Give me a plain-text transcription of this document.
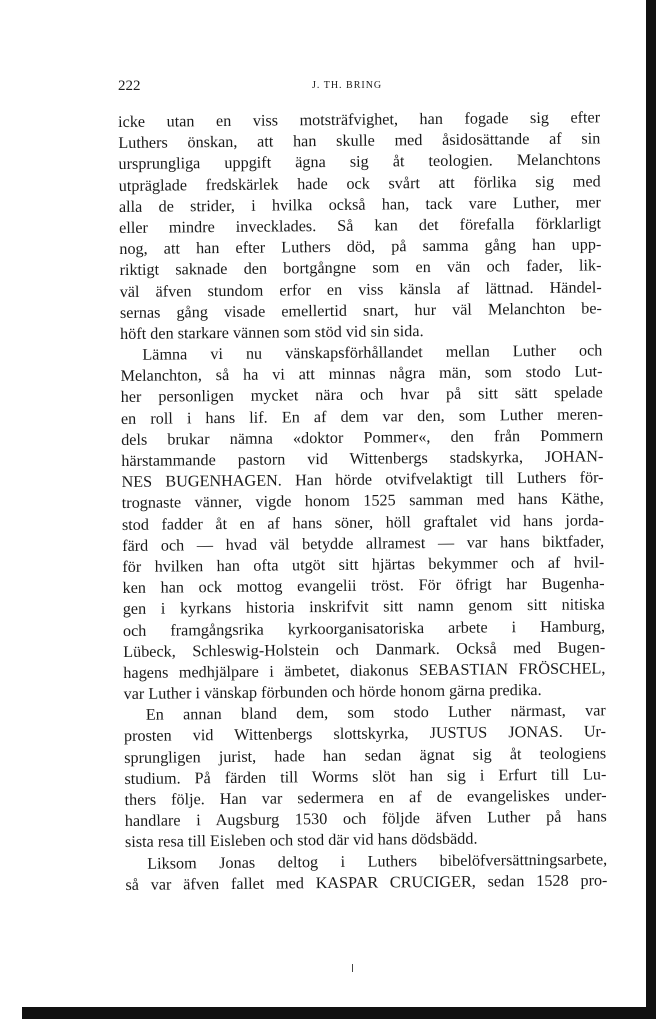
222	J. TH. BRING
icke utan en viss motsträfvighet, han fogade sig efter
Luthers önskan, att han skulle med åsidosättande af sin
ursprungliga uppgift ägna sig åt teologien. Melanchtons
utpräglade fredskärlek hade ock svårt att förlika sig med
alla de strider, i hvilka också han, tack vare Luther, mer
eller mindre invecklades. Så kan det förefalla förklarligt
nog, att han efter Luthers död, på samma gång han upp-
riktigt saknade den bortgångne som en vän och fader, lik-
väl äfven stundom erfor en viss känsla af lättnad. Händel-
sernas gång visade emellertid snart, hur väl Melanchton be-
höft den starkare vännen som stöd vid sin sida.
Lämna vi nu vänskapsförhållandet mellan Luther och
Melanchton, så ha vi att minnas några män, som stodo Lut-
her personligen mycket nära och hvar på sitt sätt spelade
en roll i hans lif. En af dem var den, som Luther meren-
dels brukar nämna «doktor Pommer«, den från Pommern
härstammande pastorn vid Wittenbergs stadskyrka, JOHAN-
NES BUGENHAGEN. Han hörde otvifvelaktigt till Luthers för-
trognaste vänner, vigde honom 1525 samman med hans Käthe,
stod fadder åt en af hans söner, höll graftalet vid hans jorda-
färd och — hvad väl betydde allramest — var hans biktfader,
för hvilken han ofta utgöt sitt hjärtas bekymmer och af hvil-
ken han ock mottog evangelii tröst. För öfrigt har Bugenha-
gen i kyrkans historia inskrifvit sitt namn genom sitt nitiska
och framgångsrika kyrkoorganisatoriska arbete i Hamburg,
Lübeck, Schleswig-Holstein och Danmark. Också med Bugen-
hagens medhjälpare i ämbetet, diakonus SEBASTIAN FRÖSCHEL,
var Luther i vänskap förbunden och hörde honom gärna predika.
En annan bland dem, som stodo Luther närmast, var
prosten vid Wittenbergs slottskyrka, JUSTUS JONAS. Ur-
sprungligen jurist, hade han sedan ägnat sig åt teologiens
studium. På färden till Worms slöt han sig i Erfurt till Lu-
thers följe. Han var sedermera en af de evangeliskes under-
handlare i Augsburg 1530 och följde äfven Luther på hans
sista resa till Eisleben och stod där vid hans dödsbädd.
Liksom Jonas deltog i Luthers bibelöfversättningsarbete,
så var äfven fallet med KASPAR CRUCIGER, sedan 1528 pro-
